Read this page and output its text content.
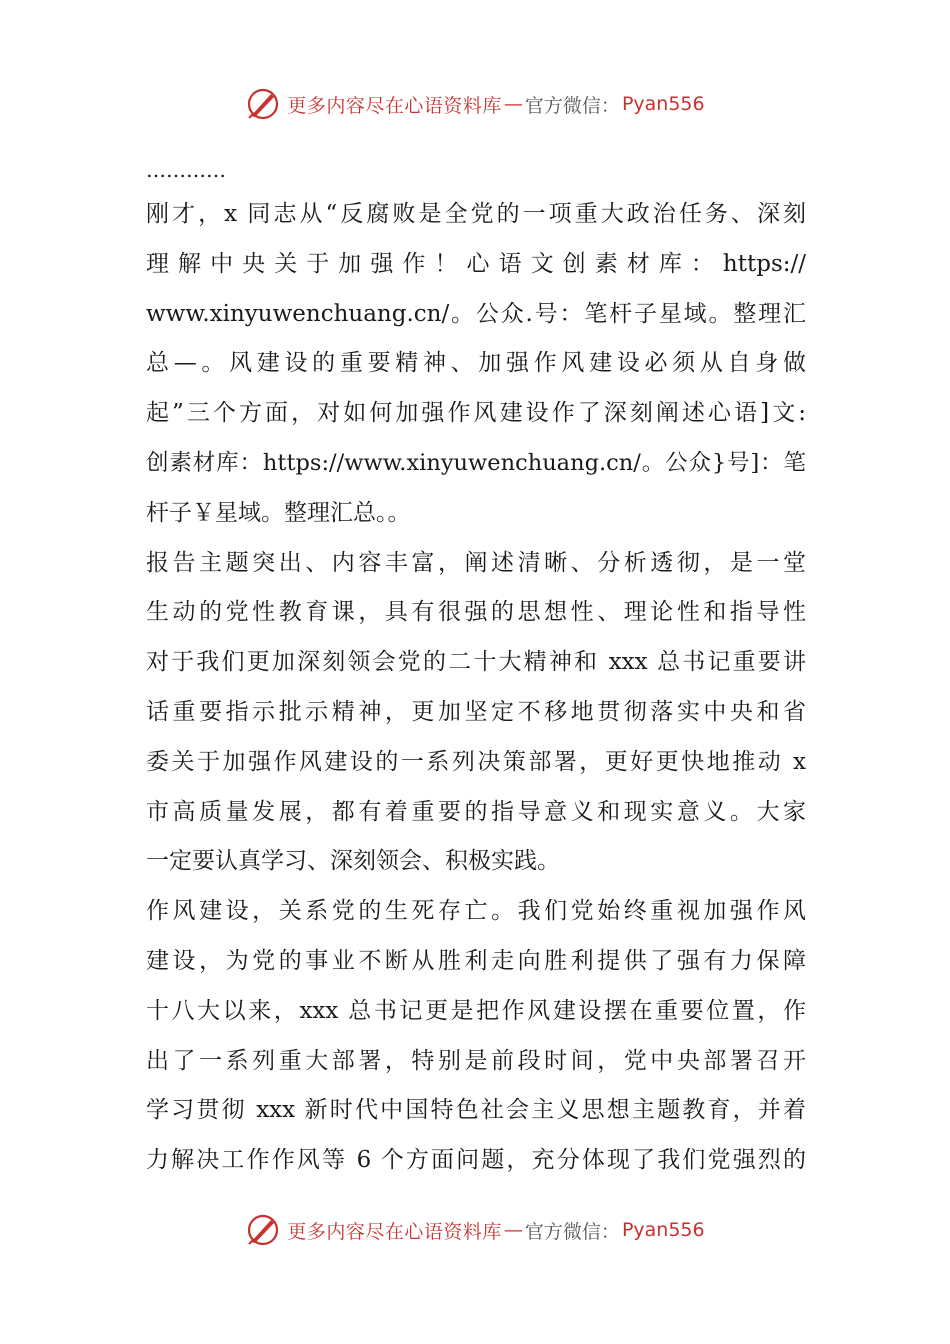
更多内容尽在心语资料库 — 官方微信： Pyan556
…………
刚才，x 同志从“反腐败是全党的一项重大政治任务、深刻
理 解 中 央 关 于 加 强 作 ！ 心 语 文 创 素 材 库 ： https://
www.xinyuwenchuang.cn/。公众.号：笔杆子星域。整理汇
总—。风建设的重要精神、加强作风建设必须从自身做
起”三个方面，对如何加强作风建设作了深刻阐述心语]文:
创素材库：https://www.xinyuwenchuang.cn/。公众}号]：笔
杆子￥星域。整理汇总。。
报告主题突出、内容丰富，阐述清晰、分析透彻，是一堂
生动的党性教育课，具有很强的思想性、理论性和指导性
对于我们更加深刻领会党的二十大精神和 xxx 总书记重要讲
话重要指示批示精神，更加坚定不移地贯彻落实中央和省
委关于加强作风建设的一系列决策部署，更好更快地推动 x
市高质量发展，都有着重要的指导意义和现实意义。大家
一定要认真学习、深刻领会、积极实践。
作风建设，关系党的生死存亡。我们党始终重视加强作风
建设，为党的事业不断从胜利走向胜利提供了强有力保障
十八大以来，xxx 总书记更是把作风建设摆在重要位置，作
出了一系列重大部署，特别是前段时间，党中央部署召开
学习贯彻 xxx 新时代中国特色社会主义思想主题教育，并着
力解决工作作风等 6 个方面问题，充分体现了我们党强烈的
更多内容尽在心语资料库 — 官方微信： Pyan556
